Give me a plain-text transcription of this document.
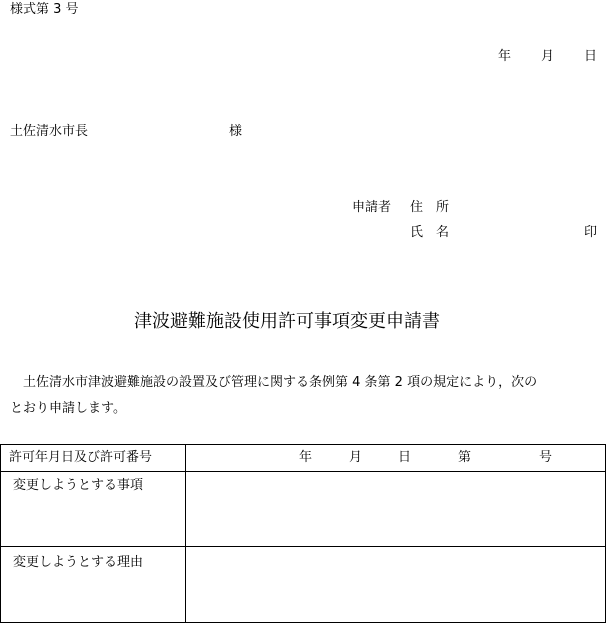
様式第 3 号
年 月 日
土佐清水市長	様
申請者 住　所
氏　名	印
津波避難施設使用許可事項変更申請書
土佐清水市津波避難施設の設置及び管理に関する条例第 4 条第 2 項の規定により，次の
とおり申請します。
許可年月日及び許可番号	年 月 日 第 号

変更しようとする事項	

変更しようとする理由	
